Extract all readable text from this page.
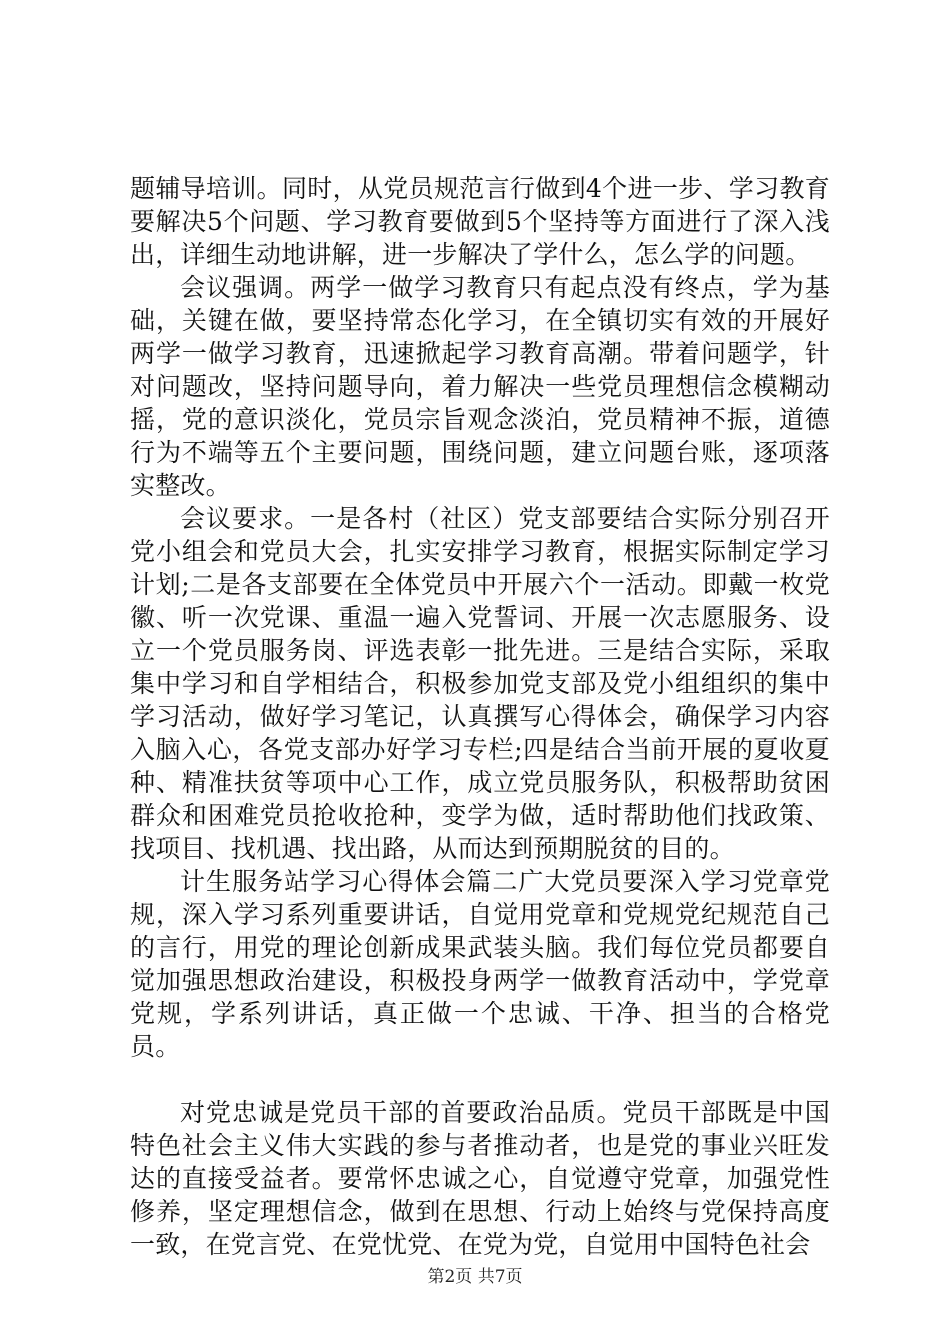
题辅导培训。同时，从党员规范言行做到4个进一步、学习教育要解决5个问题、学习教育要做到5个坚持等方面进行了深入浅出，详细生动地讲解，进一步解决了学什么，怎么学的问题。

会议强调。两学一做学习教育只有起点没有终点，学为基础，关键在做，要坚持常态化学习，在全镇切实有效的开展好两学一做学习教育，迅速掀起学习教育高潮。带着问题学，针对问题改，坚持问题导向，着力解决一些党员理想信念模糊动摇，党的意识淡化，党员宗旨观念淡泊，党员精神不振，道德行为不端等五个主要问题，围绕问题，建立问题台账，逐项落实整改。

会议要求。一是各村（社区）党支部要结合实际分别召开党小组会和党员大会，扎实安排学习教育，根据实际制定学习计划;二是各支部要在全体党员中开展六个一活动。即戴一枚党徽、听一次党课、重温一遍入党誓词、开展一次志愿服务、设立一个党员服务岗、评选表彰一批先进。三是结合实际，采取集中学习和自学相结合，积极参加党支部及党小组组织的集中学习活动，做好学习笔记，认真撰写心得体会，确保学习内容入脑入心，各党支部办好学习专栏;四是结合当前开展的夏收夏种、精准扶贫等项中心工作，成立党员服务队，积极帮助贫困群众和困难党员抢收抢种，变学为做，适时帮助他们找政策、找项目、找机遇、找出路，从而达到预期脱贫的目的。

计生服务站学习心得体会篇二广大党员要深入学习党章党规，深入学习系列重要讲话，自觉用党章和党规党纪规范自己的言行，用党的理论创新成果武装头脑。我们每位党员都要自觉加强思想政治建设，积极投身两学一做教育活动中，学党章党规，学系列讲话，真正做一个忠诚、干净、担当的合格党员。

对党忠诚是党员干部的首要政治品质。党员干部既是中国特色社会主义伟大实践的参与者推动者，也是党的事业兴旺发达的直接受益者。要常怀忠诚之心，自觉遵守党章，加强党性修养，坚定理想信念，做到在思想、行动上始终与党保持高度一致，在党言党、在党忧党、在党为党，自觉用中国特色社会

第2页 共7页
